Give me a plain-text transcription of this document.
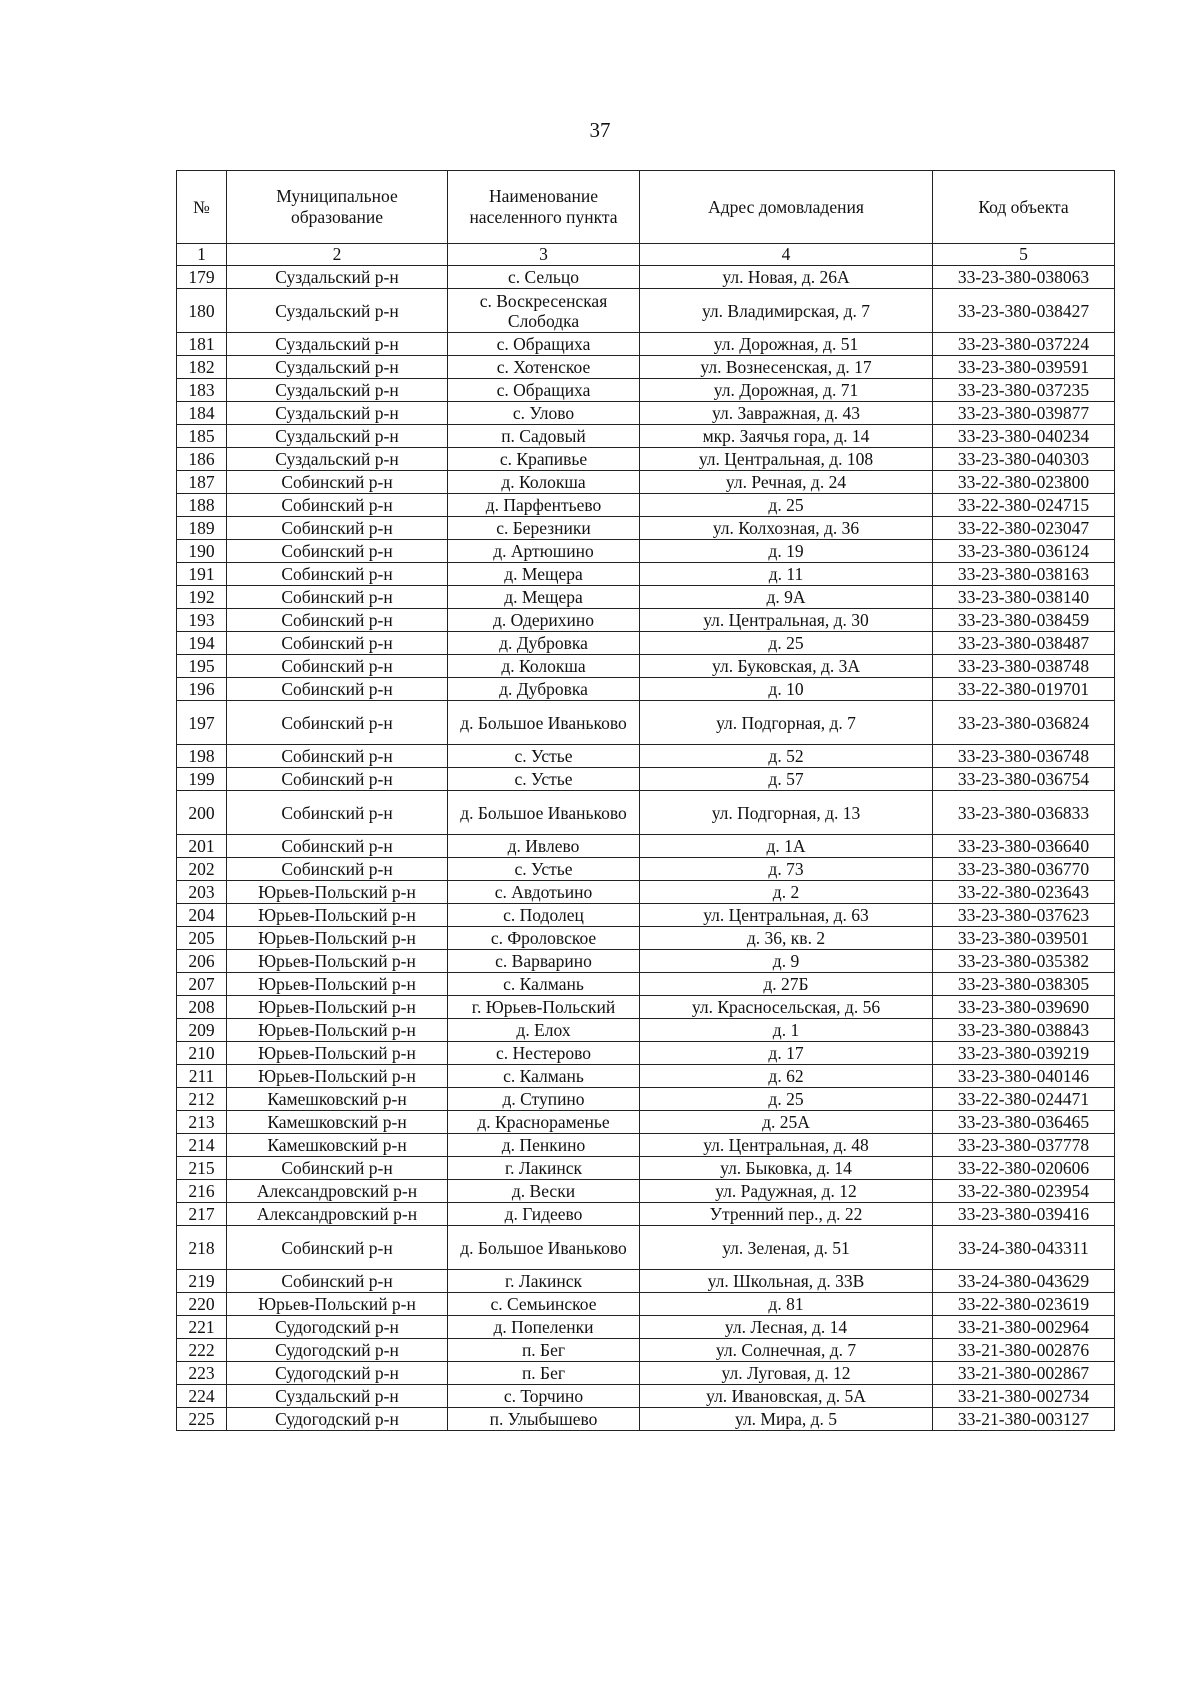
37
№	Муниципальное образование	Наименование населенного пункта	Адрес домовладения	Код объекта
1	2	3	4	5
179	Суздальский р-н	с. Сельцо	ул. Новая, д. 26А	33-23-380-038063
180	Суздальский р-н	с. Воскресенская Слободка	ул. Владимирская, д. 7	33-23-380-038427
181	Суздальский р-н	с. Обращиха	ул. Дорожная, д. 51	33-23-380-037224
182	Суздальский р-н	с. Хотенское	ул. Вознесенская, д. 17	33-23-380-039591
183	Суздальский р-н	с. Обращиха	ул. Дорожная, д. 71	33-23-380-037235
184	Суздальский р-н	с. Улово	ул. Завражная, д. 43	33-23-380-039877
185	Суздальский р-н	п. Садовый	мкр. Заячья гора, д. 14	33-23-380-040234
186	Суздальский р-н	с. Крапивье	ул. Центральная, д. 108	33-23-380-040303
187	Собинский р-н	д. Колокша	ул. Речная, д. 24	33-22-380-023800
188	Собинский р-н	д. Парфентьево	д. 25	33-22-380-024715
189	Собинский р-н	с. Березники	ул. Колхозная, д. 36	33-22-380-023047
190	Собинский р-н	д. Артюшино	д. 19	33-23-380-036124
191	Собинский р-н	д. Мещера	д. 11	33-23-380-038163
192	Собинский р-н	д. Мещера	д. 9А	33-23-380-038140
193	Собинский р-н	д. Одерихино	ул. Центральная, д. 30	33-23-380-038459
194	Собинский р-н	д. Дубровка	д. 25	33-23-380-038487
195	Собинский р-н	д. Колокша	ул. Буковская, д. 3А	33-23-380-038748
196	Собинский р-н	д. Дубровка	д. 10	33-22-380-019701
197	Собинский р-н	д. Большое Иваньково	ул. Подгорная, д. 7	33-23-380-036824
198	Собинский р-н	с. Устье	д. 52	33-23-380-036748
199	Собинский р-н	с. Устье	д. 57	33-23-380-036754
200	Собинский р-н	д. Большое Иваньково	ул. Подгорная, д. 13	33-23-380-036833
201	Собинский р-н	д. Ивлево	д. 1А	33-23-380-036640
202	Собинский р-н	с. Устье	д. 73	33-23-380-036770
203	Юрьев-Польский р-н	с. Авдотьино	д. 2	33-22-380-023643
204	Юрьев-Польский р-н	с. Подолец	ул. Центральная, д. 63	33-23-380-037623
205	Юрьев-Польский р-н	с. Фроловское	д. 36, кв. 2	33-23-380-039501
206	Юрьев-Польский р-н	с. Варварино	д. 9	33-23-380-035382
207	Юрьев-Польский р-н	с. Калмань	д. 27Б	33-23-380-038305
208	Юрьев-Польский р-н	г. Юрьев-Польский	ул. Красносельская, д. 56	33-23-380-039690
209	Юрьев-Польский р-н	д. Елох	д. 1	33-23-380-038843
210	Юрьев-Польский р-н	с. Нестерово	д. 17	33-23-380-039219
211	Юрьев-Польский р-н	с. Калмань	д. 62	33-23-380-040146
212	Камешковский р-н	д. Ступино	д. 25	33-22-380-024471
213	Камешковский р-н	д. Краснораменье	д. 25А	33-23-380-036465
214	Камешковский р-н	д. Пенкино	ул. Центральная, д. 48	33-23-380-037778
215	Собинский р-н	г. Лакинск	ул. Быковка, д. 14	33-22-380-020606
216	Александровский р-н	д. Вески	ул. Радужная, д. 12	33-22-380-023954
217	Александровский р-н	д. Гидеево	Утренний пер., д. 22	33-23-380-039416
218	Собинский р-н	д. Большое Иваньково	ул. Зеленая, д. 51	33-24-380-043311
219	Собинский р-н	г. Лакинск	ул. Школьная, д. 33В	33-24-380-043629
220	Юрьев-Польский р-н	с. Семьинское	д. 81	33-22-380-023619
221	Судогодский р-н	д. Попеленки	ул. Лесная, д. 14	33-21-380-002964
222	Судогодский р-н	п. Бег	ул. Солнечная, д. 7	33-21-380-002876
223	Судогодский р-н	п. Бег	ул. Луговая, д. 12	33-21-380-002867
224	Суздальский р-н	с. Торчино	ул. Ивановская, д. 5А	33-21-380-002734
225	Судогодский р-н	п. Улыбышево	ул. Мира, д. 5	33-21-380-003127
